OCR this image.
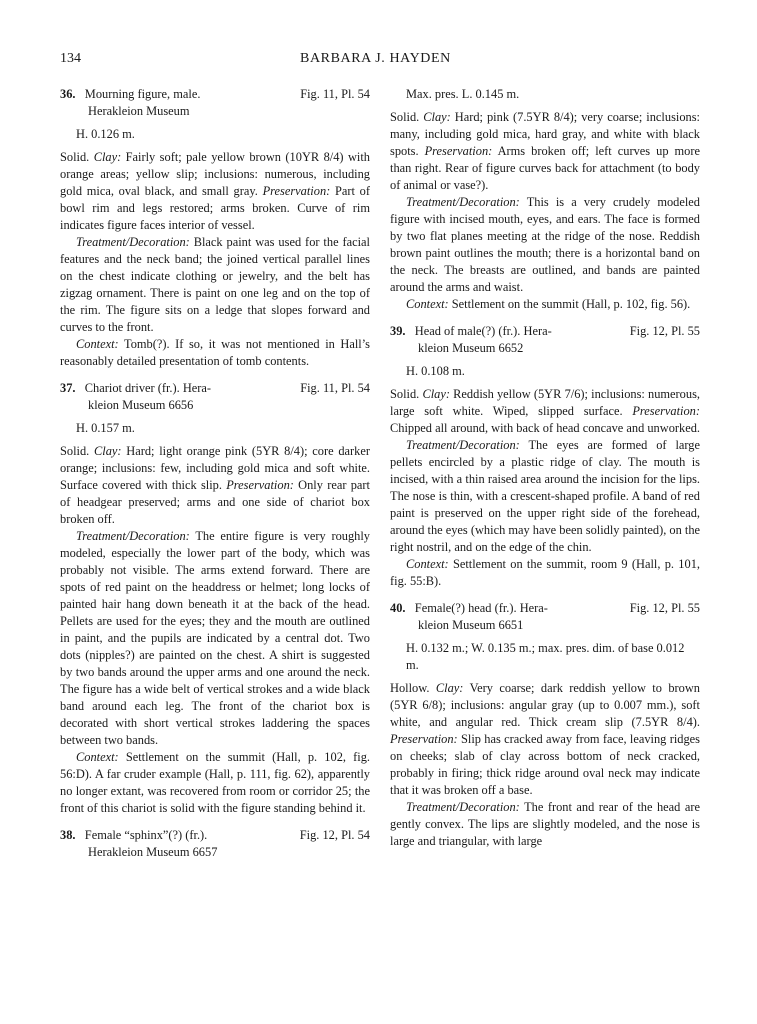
134	BARBARA J. HAYDEN
36. Mourning figure, male.
Herakleion Museum
Fig. 11, Pl. 54
H. 0.126 m.

Solid. Clay: Fairly soft; pale yellow brown (10YR 8/4) with orange areas; yellow slip; inclusions: numerous, including gold mica, oval black, and small gray. Preservation: Part of bowl rim and legs restored; arms broken. Curve of rim indicates figure faces interior of vessel.

Treatment/Decoration: Black paint was used for the facial features and the neck band; the joined vertical parallel lines on the chest indicate clothing or jewelry, and the belt has zigzag ornament. There is paint on one leg and on the top of the rim. The figure sits on a ledge that slopes forward and curves to the front.

Context: Tomb(?). If so, it was not mentioned in Hall’s reasonably detailed presentation of tomb contents.

37. Chariot driver (fr.). Hera-
kleion Museum 6656
Fig. 11, Pl. 54
H. 0.157 m.

Solid. Clay: Hard; light orange pink (5YR 8/4); core darker orange; inclusions: few, including gold mica and soft white. Surface covered with thick slip. Preservation: Only rear part of headgear preserved; arms and one side of chariot box broken off.

Treatment/Decoration: The entire figure is very roughly modeled, especially the lower part of the body, which was probably not visible. The arms extend forward. There are spots of red paint on the headdress or helmet; long locks of painted hair hang down beneath it at the back of the head. Pellets are used for the eyes; they and the mouth are outlined in paint, and the pupils are indicated by a central dot. Two dots (nipples?) are painted on the chest. A shirt is suggested by two bands around the upper arms and one around the neck. The figure has a wide belt of vertical strokes and a wide black band around each leg. The front of the chariot box is decorated with short vertical strokes laddering the spaces between two bands.

Context: Settlement on the summit (Hall, p. 102, fig. 56:D). A far cruder example (Hall, p. 111, fig. 62), apparently no longer extant, was recovered from room or corridor 25; the front of this chariot is solid with the figure standing behind it.

38. Female “sphinx”(?) (fr.).
Herakleion Museum 6657
Fig. 12, Pl. 54
Max. pres. L. 0.145 m.

Solid. Clay: Hard; pink (7.5YR 8/4); very coarse; inclusions: many, including gold mica, hard gray, and white with black spots. Preservation: Arms broken off; left curves up more than right. Rear of figure curves back for attachment (to body of animal or vase?).

Treatment/Decoration: This is a very crudely modeled figure with incised mouth, eyes, and ears. The face is formed by two flat planes meeting at the ridge of the nose. Reddish brown paint outlines the mouth; there is a horizontal band on the neck. The breasts are outlined, and bands are painted around the arms and waist.

Context: Settlement on the summit (Hall, p. 102, fig. 56).

39. Head of male(?) (fr.). Hera-
kleion Museum 6652
Fig. 12, Pl. 55
H. 0.108 m.

Solid. Clay: Reddish yellow (5YR 7/6); inclusions: numerous, large soft white. Wiped, slipped surface. Preservation: Chipped all around, with back of head concave and unworked.

Treatment/Decoration: The eyes are formed of large pellets encircled by a plastic ridge of clay. The mouth is incised, with a thin raised area around the incision for the lips. The nose is thin, with a crescent-shaped profile. A band of red paint is preserved on the upper right side of the forehead, around the eyes (which may have been solidly painted), on the right nostril, and on the edge of the chin.

Context: Settlement on the summit, room 9 (Hall, p. 101, fig. 55:B).

40. Female(?) head (fr.). Hera-
kleion Museum 6651
Fig. 12, Pl. 55
H. 0.132 m.; W. 0.135 m.; max. pres. dim. of base 0.012 m.

Hollow. Clay: Very coarse; dark reddish yellow to brown (5YR 6/8); inclusions: angular gray (up to 0.007 mm.), soft white, and angular red. Thick cream slip (7.5YR 8/4). Preservation: Slip has cracked away from face, leaving ridges on cheeks; slab of clay across bottom of neck cracked, probably in firing; thick ridge around oval neck may indicate that it was broken off a base.

Treatment/Decoration: The front and rear of the head are gently convex. The lips are slightly modeled, and the nose is large and triangular, with large
